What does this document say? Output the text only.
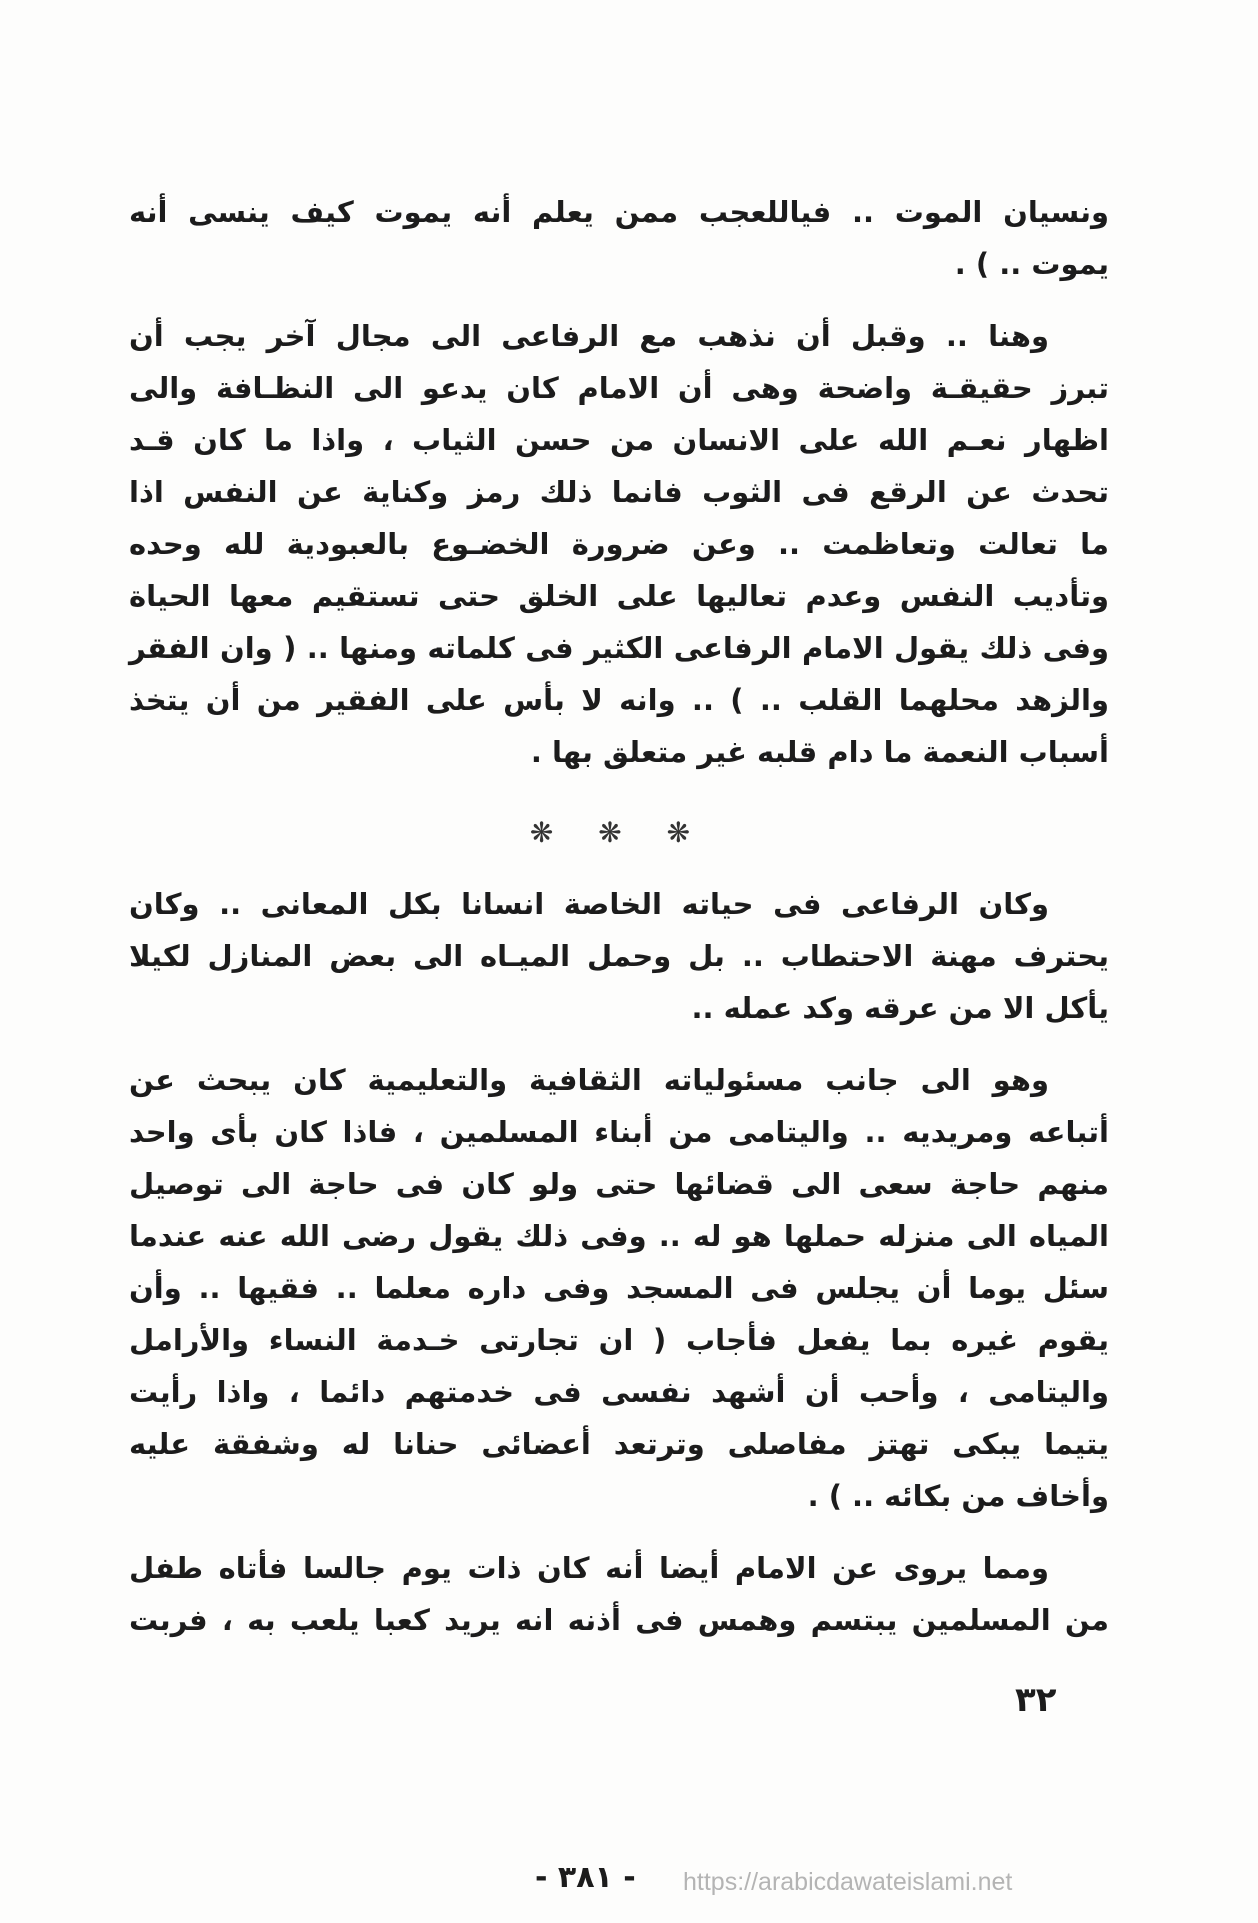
ونسيان الموت .. فياللعجب ممن يعلم أنه يموت كيف ينسى أنه
يموت .. ) .
وهنا .. وقبل أن نذهب مع الرفاعى الى مجال آخر يجب أن
تبرز حقيقـة واضحة وهى أن الامام كان يدعو الى النظـافة والى
اظهار نعـم الله على الانسان من حسن الثياب ، واذا ما كان قـد
تحدث عن الرقع فى الثوب فانما ذلك رمز وكناية عن النفس اذا
ما تعالت وتعاظمت .. وعن ضرورة الخضـوع بالعبودية لله وحده
وتأديب النفس وعدم تعاليها على الخلق حتى تستقيم معها الحياة
وفى ذلك يقول الامام الرفاعى الكثير فى كلماته ومنها .. ( وان الفقر
والزهد محلهما القلب .. ) .. وانه لا بأس على الفقير من أن يتخذ
أسباب النعمة ما دام قلبه غير متعلق بها .
❋ ❋ ❋
وكان الرفاعى فى حياته الخاصة انسانا بكل المعانى .. وكان
يحترف مهنة الاحتطاب .. بل وحمل الميـاه الى بعض المنازل لكيلا
يأكل الا من عرقه وكد عمله ..
وهو الى جانب مسئولياته الثقافية والتعليمية كان يبحث عن
أتباعه ومريديه .. واليتامى من أبناء المسلمين ، فاذا كان بأى واحد
منهم حاجة سعى الى قضائها حتى ولو كان فى حاجة الى توصيل
المياه الى منزله حملها هو له .. وفى ذلك يقول رضى الله عنه عندما
سئل يوما أن يجلس فى المسجد وفى داره معلما .. فقيها .. وأن
يقوم غيره بما يفعل فأجاب ( ان تجارتى خـدمة النساء والأرامل
واليتامى ، وأحب أن أشهد نفسى فى خدمتهم دائما ، واذا رأيت
يتيما يبكى تهتز مفاصلى وترتعد أعضائى حنانا له وشفقة عليه
وأخاف من بكائه .. ) .
ومما يروى عن الامام أيضا أنه كان ذات يوم جالسا فأتاه طفل
من المسلمين يبتسم وهمس فى أذنه انه يريد كعبا يلعب به ، فربت
٣٢
- ٣٨١ - https://arabicdawateislami.net
